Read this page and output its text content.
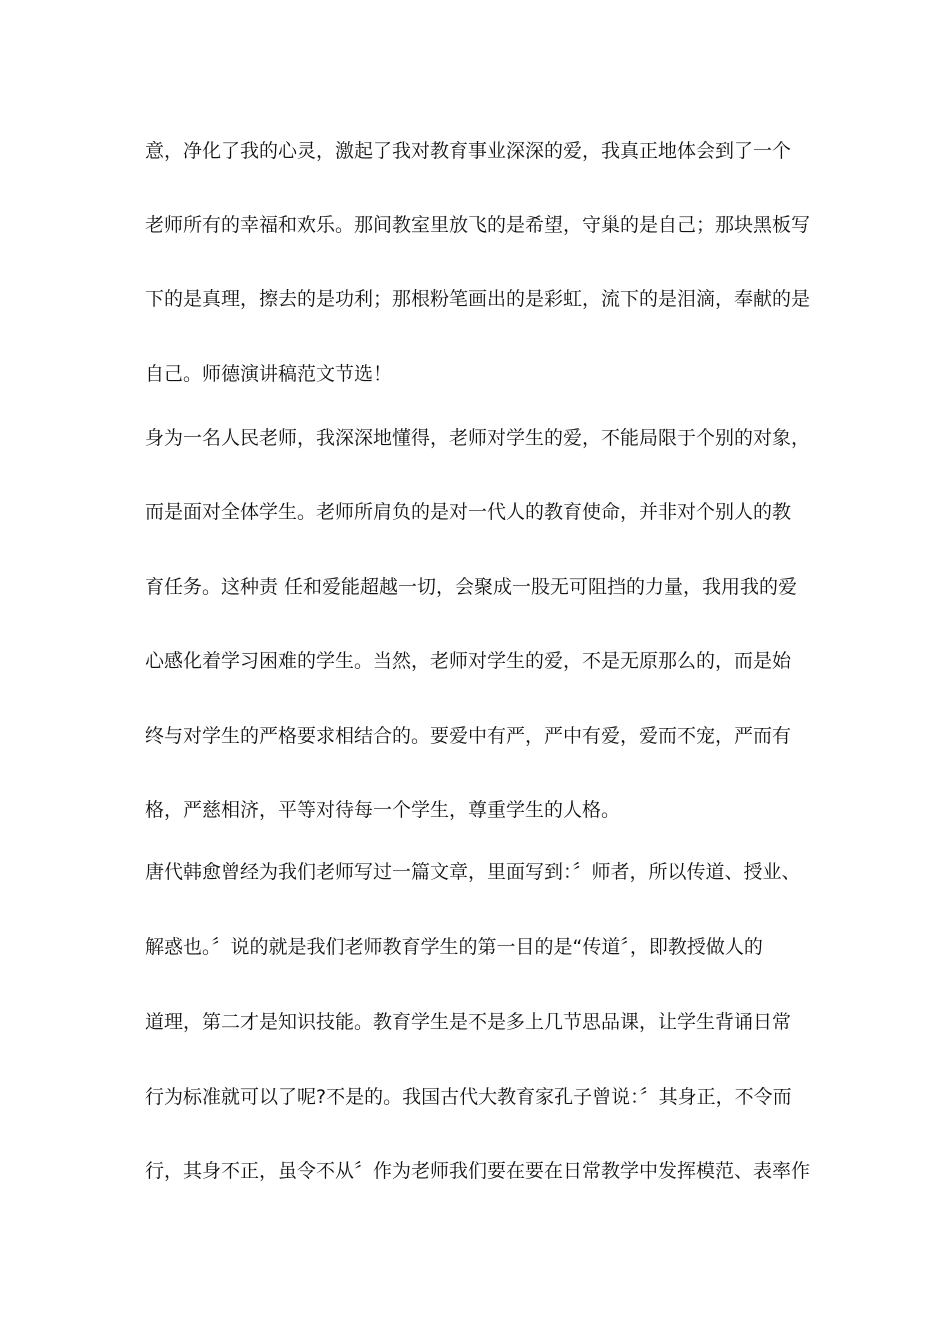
意，净化了我的心灵，激起了我对教育事业深深的爱，我真正地体会到了一个
老师所有的幸福和欢乐。那间教室里放飞的是希望，守巢的是自己；那块黑板写
下的是真理，擦去的是功利；那根粉笔画出的是彩虹，流下的是泪滴，奉献的是
自己。师德演讲稿范文节选！
身为一名人民老师，我深深地懂得，老师对学生的爱，不能局限于个别的对象，
而是面对全体学生。老师所肩负的是对一代人的教育使命，并非对个别人的教
育任务。这种责 任和爱能超越一切，会聚成一股无可阻挡的力量，我用我的爱
心感化着学习困难的学生。当然，老师对学生的爱，不是无原那么的，而是始
终与对学生的严格要求相结合的。要爱中有严，严中有爱，爱而不宠，严而有
格，严慈相济，平等对待每一个学生，尊重学生的人格。
唐代韩愈曾经为我们老师写过一篇文章，里面写到：〞师者，所以传道、授业、
解惑也。〞说的就是我们老师教育学生的第一目的是“传道〞，即教授做人的
道理，第二才是知识技能。教育学生是不是多上几节思品课，让学生背诵日常
行为标准就可以了呢?不是的。我国古代大教育家孔子曾说：〞其身正，不令而
行，其身不正，虽令不从〞作为老师我们要在要在日常教学中发挥模范、表率作
